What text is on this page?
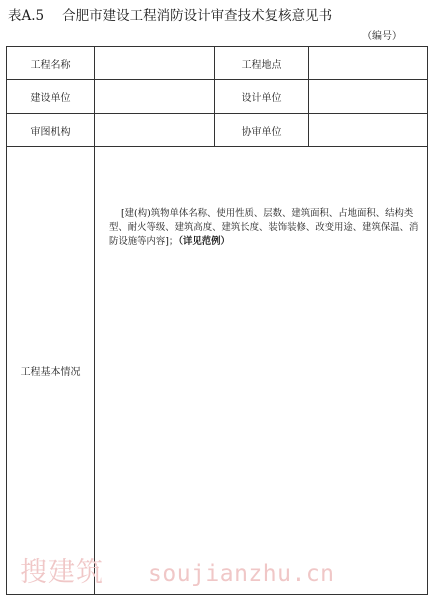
表A.5 合肥市建设工程消防设计审查技术复核意见书
（编号）
工程名称	工程地点
建设单位	设计单位
审图机构	协审单位
工程基本情况
[建(构)筑物单体名称、使用性质、层数、建筑面积、占地面积、结构类型、耐火等级、建筑高度、建筑长度、装饰装修、改变用途、建筑保温、消防设施等内容]；（详见范例）
搜建筑 soujianzhu.cn
